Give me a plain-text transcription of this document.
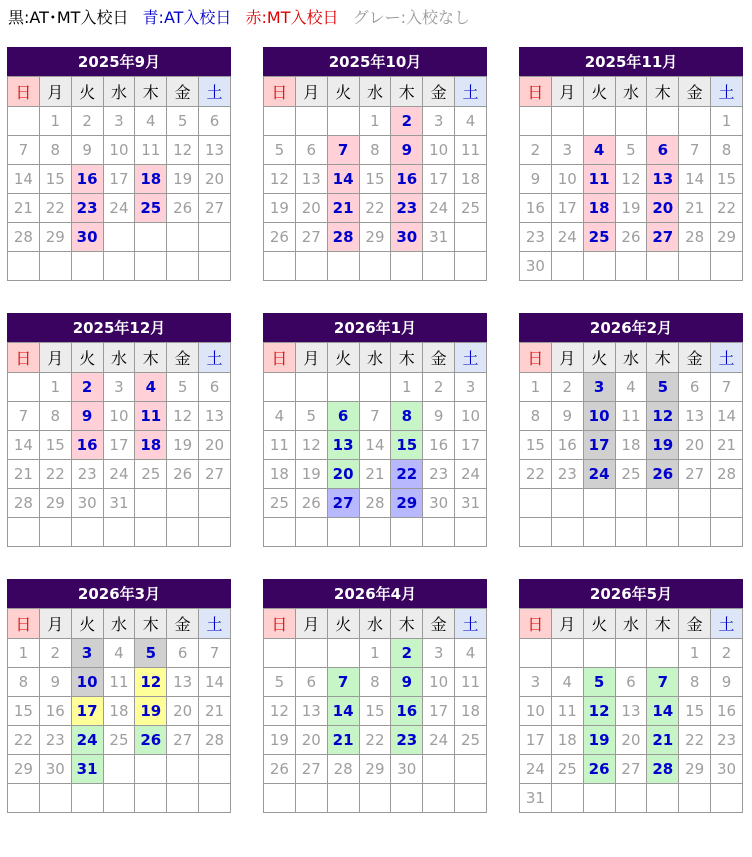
黒:AT･MT入校日 青:AT入校日 赤:MT入校日 グレー:入校なし
2025年9月
日	月	火	水	木	金	土
	1	2	3	4	5	6
7	8	9	10	11	12	13
14	15	16	17	18	19	20
21	22	23	24	25	26	27
28	29	30				

2025年10月
日	月	火	水	木	金	土
			1	2	3	4
5	6	7	8	9	10	11
12	13	14	15	16	17	18
19	20	21	22	23	24	25
26	27	28	29	30	31	

2025年11月
日	月	火	水	木	金	土
						1
2	3	4	5	6	7	8
9	10	11	12	13	14	15
16	17	18	19	20	21	22
23	24	25	26	27	28	29
30						
2025年12月
日	月	火	水	木	金	土
	1	2	3	4	5	6
7	8	9	10	11	12	13
14	15	16	17	18	19	20
21	22	23	24	25	26	27
28	29	30	31			

2026年1月
日	月	火	水	木	金	土
				1	2	3
4	5	6	7	8	9	10
11	12	13	14	15	16	17
18	19	20	21	22	23	24
25	26	27	28	29	30	31

2026年2月
日	月	火	水	木	金	土
1	2	3	4	5	6	7
8	9	10	11	12	13	14
15	16	17	18	19	20	21
22	23	24	25	26	27	28

2026年3月
日	月	火	水	木	金	土
1	2	3	4	5	6	7
8	9	10	11	12	13	14
15	16	17	18	19	20	21
22	23	24	25	26	27	28
29	30	31				

2026年4月
日	月	火	水	木	金	土
			1	2	3	4
5	6	7	8	9	10	11
12	13	14	15	16	17	18
19	20	21	22	23	24	25
26	27	28	29	30		

2026年5月
日	月	火	水	木	金	土
					1	2
3	4	5	6	7	8	9
10	11	12	13	14	15	16
17	18	19	20	21	22	23
24	25	26	27	28	29	30
31						
